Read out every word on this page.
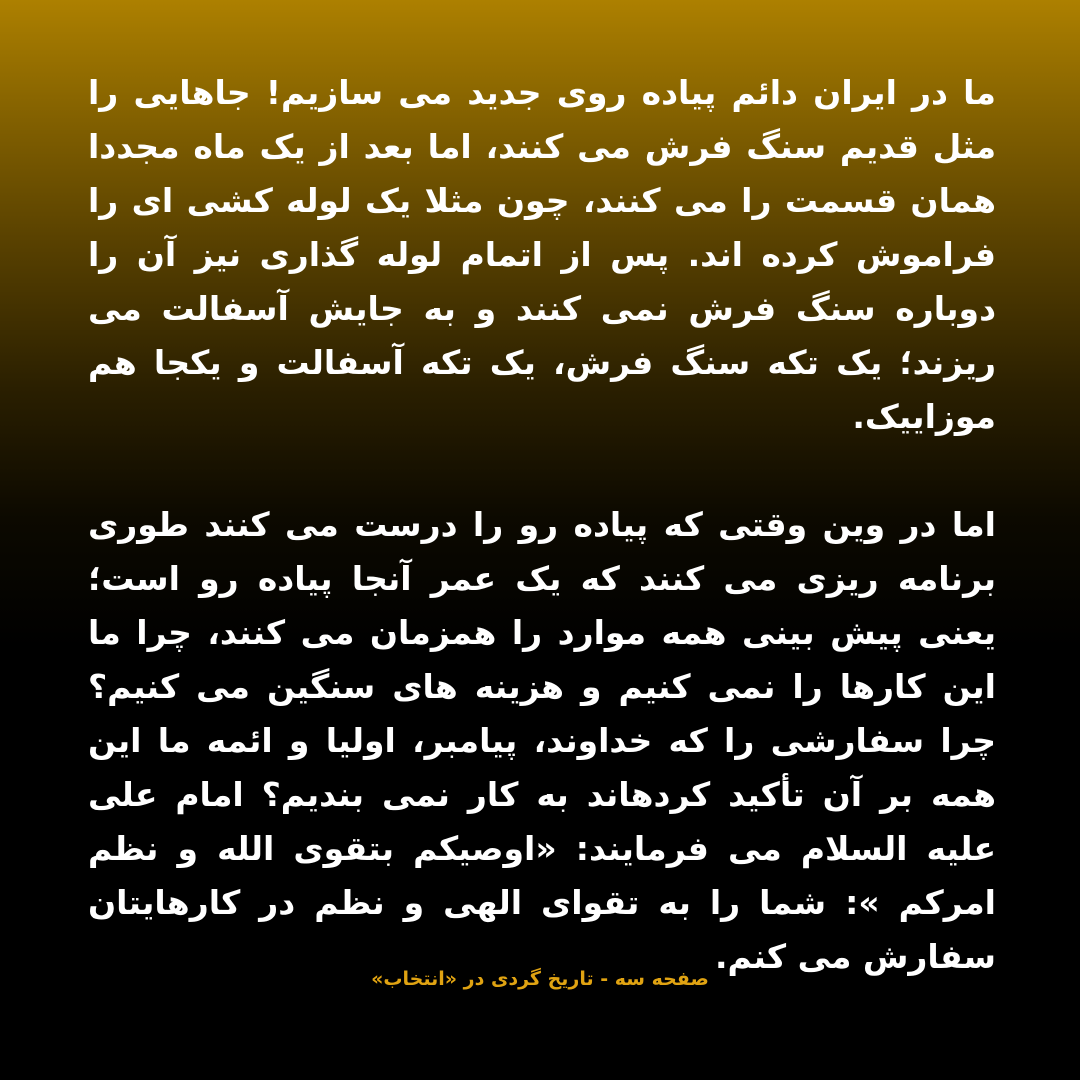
ما در ایران دائم پیاده روی جدید می سازیم! جاهایی را مثل قدیم سنگ فرش می کنند، اما بعد از یک ماه مجددا همان قسمت را می کنند، چون مثلا یک لوله کشی ای را فراموش کرده اند. پس از اتمام لوله گذاری نیز آن را دوباره سنگ فرش نمی کنند و به جایش آسفالت می ریزند؛ یک تکه سنگ فرش، یک تکه آسفالت و یکجا هم موزاییک.

اما در وین وقتی که پیاده رو را درست می کنند طوری برنامه ریزی می کنند که یک عمر آنجا پیاده رو است؛ یعنی پیش بینی همه موارد را همزمان می کنند، چرا ما این کارها را نمی کنیم و هزینه های سنگین می کنیم؟ چرا سفارشی را که خداوند، پیامبر، اولیا و ائمه ما این همه بر آن تأکید کردهاند به کار نمی بندیم؟ امام علی علیه السلام می فرمایند: «اوصیکم بتقوی الله و نظم امرکم »: شما را به تقوای الهی و نظم در کارهایتان سفارش می کنم.

صفحه سه - تاریخ گردی در «انتخاب»
